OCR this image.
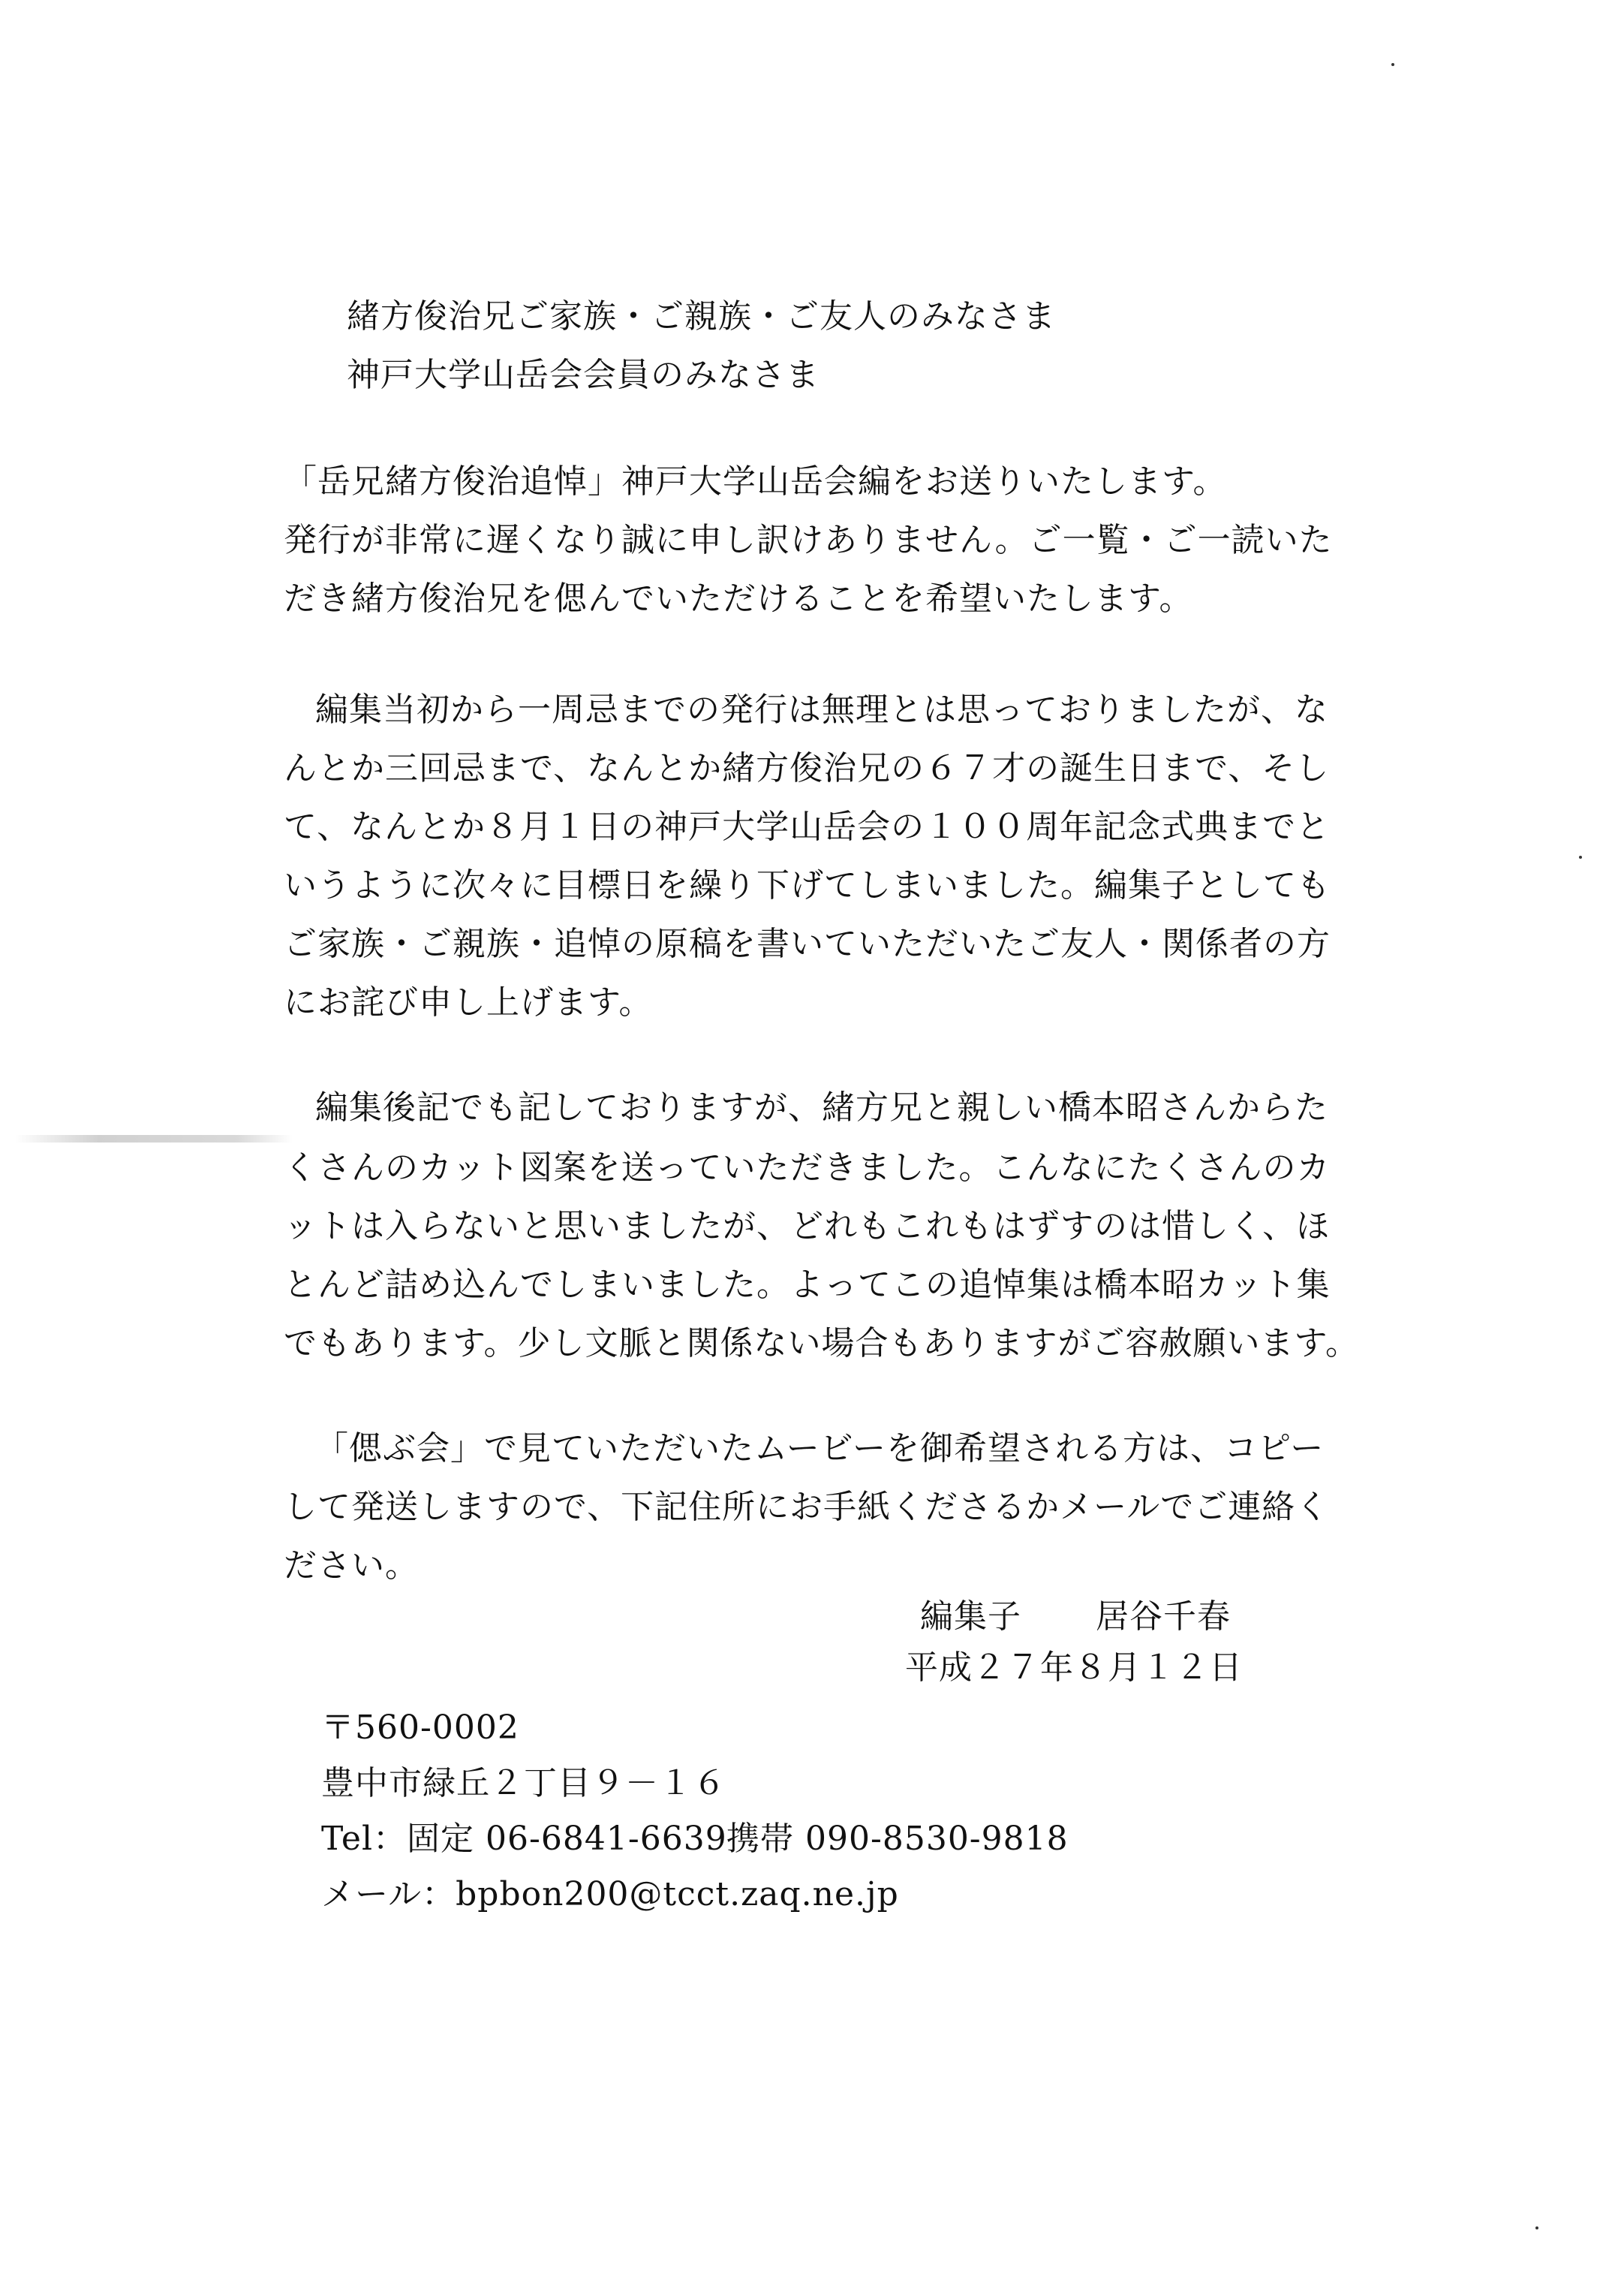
緒方俊治兄ご家族・ご親族・ご友人のみなさま
神戸大学山岳会会員のみなさま
「岳兄緒方俊治追悼」神戸大学山岳会編をお送りいたします。
発行が非常に遅くなり誠に申し訳けありません。ご一覧・ご一読いた
だき緒方俊治兄を偲んでいただけることを希望いたします。
編集当初から一周忌までの発行は無理とは思っておりましたが、な
んとか三回忌まで、なんとか緒方俊治兄の６７才の誕生日まで、そし
て、なんとか８月１日の神戸大学山岳会の１００周年記念式典までと
いうように次々に目標日を繰り下げてしまいました。編集子としても
ご家族・ご親族・追悼の原稿を書いていただいたご友人・関係者の方
にお詫び申し上げます。
編集後記でも記しておりますが、緒方兄と親しい橋本昭さんからた
くさんのカット図案を送っていただきました。こんなにたくさんのカ
ットは入らないと思いましたが、どれもこれもはずすのは惜しく、ほ
とんど詰め込んでしまいました。よってこの追悼集は橋本昭カット集
でもあります。少し文脈と関係ない場合もありますがご容赦願います。
「偲ぶ会」で見ていただいたムービーを御希望される方は、コピー
して発送しますので、下記住所にお手紙くださるかメールでご連絡く
ださい。
編集子 居谷千春
平成２７年８月１２日
〒560-0002
豊中市緑丘２丁目９－１６
Tel：固定 06-6841-6639 携帯 090-8530-9818
メール：bpbon200@tcct.zaq.ne.jp
